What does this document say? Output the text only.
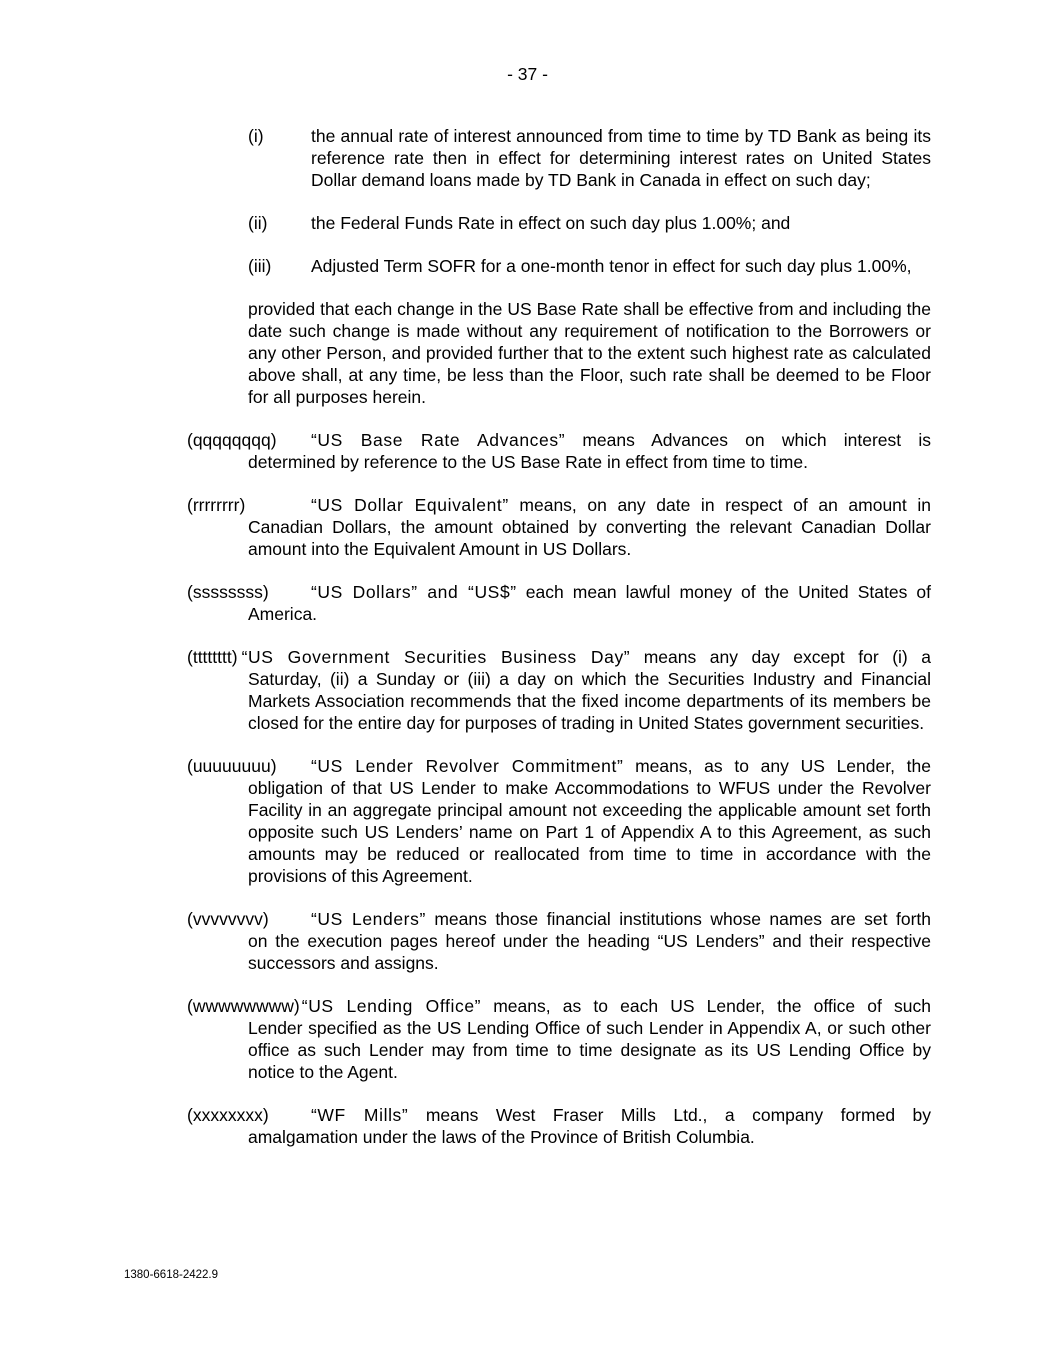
- 37 -
(i)	the annual rate of interest announced from time to time by TD Bank as being its reference rate then in effect for determining interest rates on United States Dollar demand loans made by TD Bank in Canada in effect on such day;
(ii) the Federal Funds Rate in effect on such day plus 1.00%; and
(iii) Adjusted Term SOFR for a one-month tenor in effect for such day plus 1.00%,
provided that each change in the US Base Rate shall be effective from and including the date such change is made without any requirement of notification to the Borrowers or any other Person, and provided further that to the extent such highest rate as calculated above shall, at any time, be less than the Floor, such rate shall be deemed to be Floor for all purposes herein.
(qqqqqqqq)	“US Base Rate Advances” means Advances on which interest is
determined by reference to the US Base Rate in effect from time to time.
(rrrrrrrr)	“US Dollar Equivalent” means, on any date in respect of an amount in
Canadian Dollars, the amount obtained by converting the relevant Canadian Dollar amount into the Equivalent Amount in US Dollars.
(ssssssss)	“US Dollars” and “US$” each mean lawful money of the United States of
America.
(tttttttt) “US Government Securities Business Day” means any day except for (i) a
Saturday, (ii) a Sunday or (iii) a day on which the Securities Industry and Financial Markets Association recommends that the fixed income departments of its members be closed for the entire day for purposes of trading in United States government securities.
(uuuuuuuu)	“US Lender Revolver Commitment” means, as to any US Lender, the
obligation of that US Lender to make Accommodations to WFUS under the Revolver Facility in an aggregate principal amount not exceeding the applicable amount set forth opposite such US Lenders’ name on Part 1 of Appendix A to this Agreement, as such amounts may be reduced or reallocated from time to time in accordance with the provisions of this Agreement.
(vvvvvvvv)	“US Lenders” means those financial institutions whose names are set forth
on the execution pages hereof under the heading “US Lenders” and their respective successors and assigns.
(wwwwwwww) “US Lending Office” means, as to each US Lender, the office of such
Lender specified as the US Lending Office of such Lender in Appendix A, or such other office as such Lender may from time to time designate as its US Lending Office by notice to the Agent.
(xxxxxxxx)	“WF Mills” means West Fraser Mills Ltd., a company formed by
amalgamation under the laws of the Province of British Columbia.
1380-6618-2422.9
